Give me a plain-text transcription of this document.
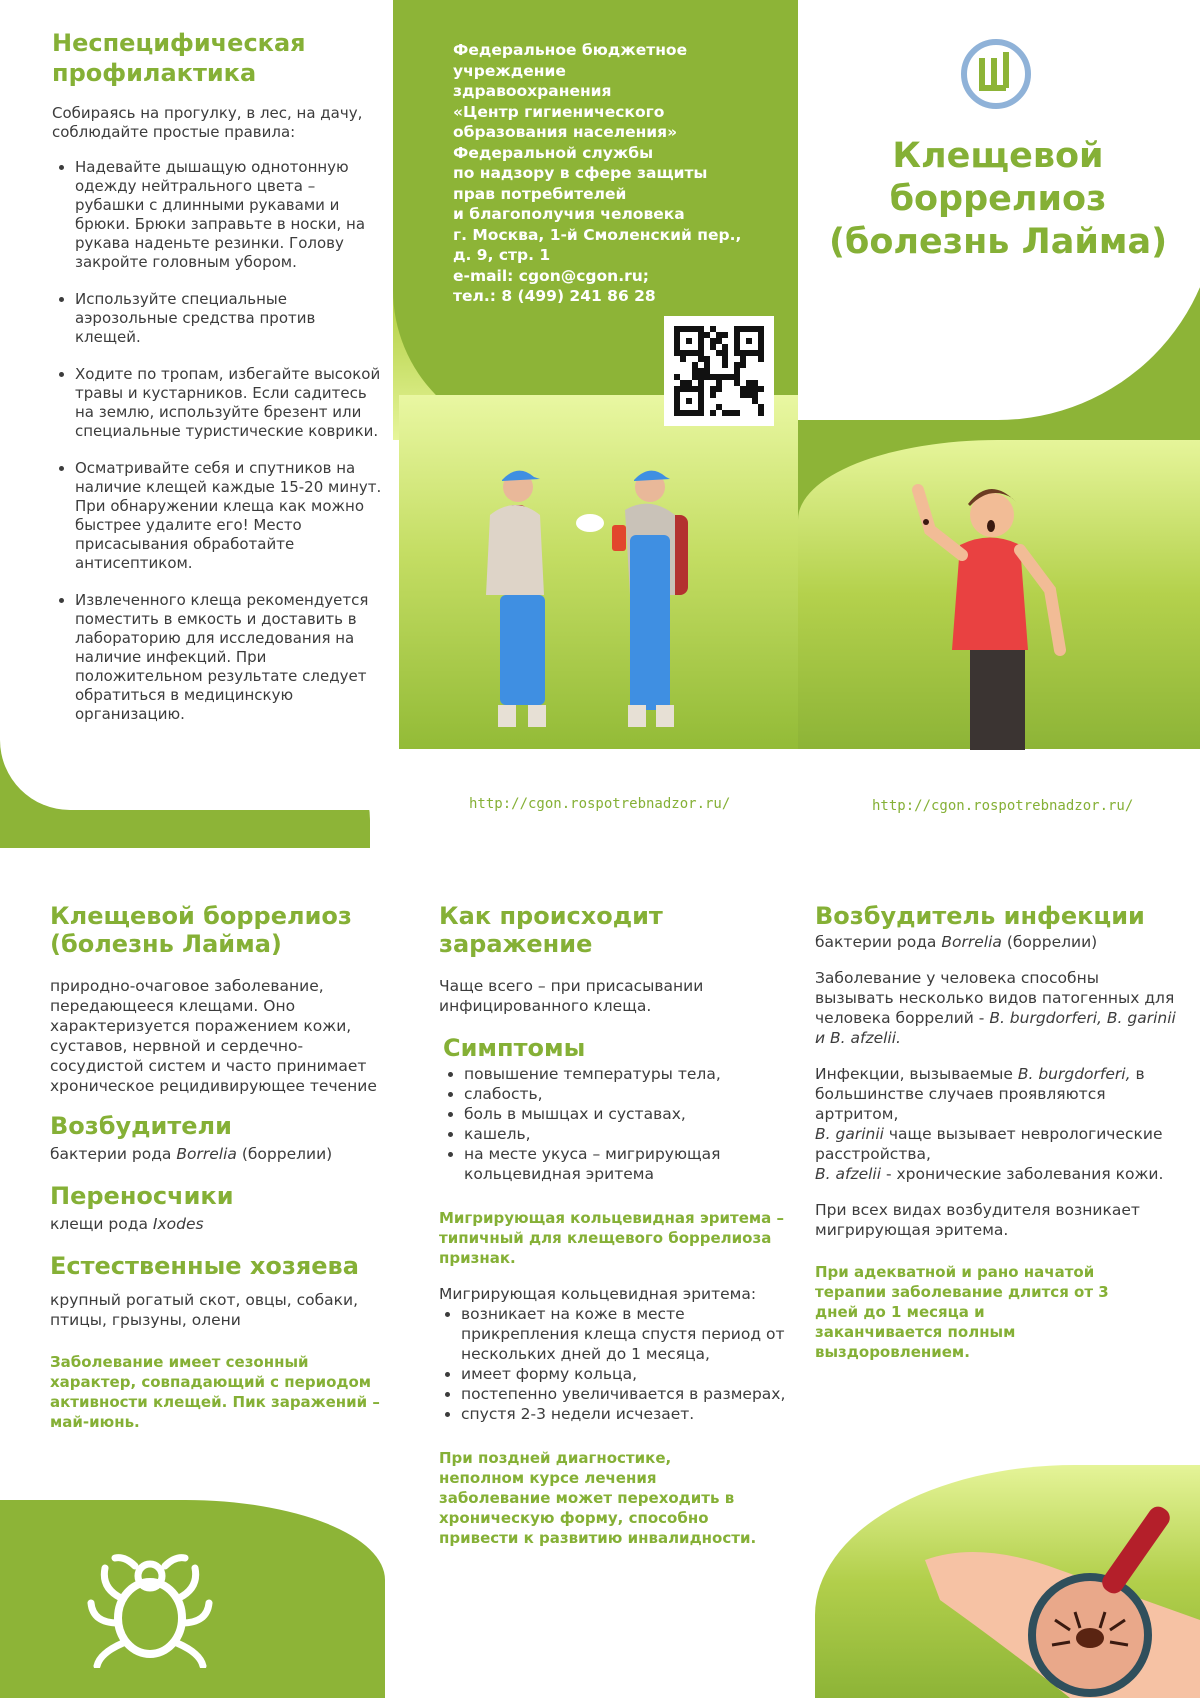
Неспецифическая профилактика

Собираясь на прогулку, в лес, на дачу, соблюдайте простые правила:

• Надевайте дышащую однотонную одежду нейтрального цвета – рубашки с длинными рукавами и брюки. Брюки заправьте в носки, на рукава наденьте резинки. Голову закройте головным убором.
• Используйте специальные аэрозольные средства против клещей.
• Ходите по тропам, избегайте высокой травы и кустарников. Если садитесь на землю, используйте брезент или специальные туристические коврики.
• Осматривайте себя и спутников на наличие клещей каждые 15-20 минут. При обнаружении клеща как можно быстрее удалите его! Место присасывания обработайте антисептиком.
• Извлеченного клеща рекомендуется поместить в емкость и доставить в лабораторию для исследования на наличие инфекций. При положительном результате следует обратиться в медицинскую организацию.
Федеральное бюджетное
учреждение
здравоохранения
«Центр гигиенического
образования населения»
Федеральной службы
по надзору в сфере защиты
прав потребителей
и благополучия человека
г. Москва, 1-й Смоленский пер.,
д. 9, стр. 1
e-mail: cgon@cgon.ru;
тел.: 8 (499) 241 86 28
Клещевой
боррелиоз
(болезнь Лайма)
http://cgon.rospotrebnadzor.ru/	http://cgon.rospotrebnadzor.ru/
Клещевой боррелиоз (болезнь Лайма)

природно-очаговое заболевание, передающееся клещами. Оно характеризуется поражением кожи, суставов, нервной и сердечно-сосудистой систем и часто принимает хроническое рецидивирующее течение

Возбудители

бактерии рода Borrelia (боррелии)

Переносчики

клещи рода Ixodes

Естественные хозяева

крупный рогатый скот, овцы, собаки, птицы, грызуны, олени

Заболевание имеет сезонный характер, совпадающий с периодом активности клещей. Пик заражений – май-июнь.

Как происходит заражение

Чаще всего – при присасывании инфицированного клеща.

Симптомы
• повышение температуры тела,
• слабость,
• боль в мышцах и суставах,
• кашель,
• на месте укуса – мигрирующая кольцевидная эритема

Мигрирующая кольцевидная эритема – типичный для клещевого боррелиоза признак.

Мигрирующая кольцевидная эритема:

• возникает на коже в месте прикрепления клеща спустя период от нескольких дней до 1 месяца,
• имеет форму кольца,
• постепенно увеличивается в размерах,
• спустя 2-3 недели исчезает.

При поздней диагностике, неполном курсе лечения заболевание может переходить в хроническую форму, способно привести к развитию инвалидности.

Возбудитель инфекции

бактерии рода Borrelia (боррелии)

Заболевание у человека способны вызывать несколько видов патогенных для человека боррелий - B. burgdorferi, B. garinii и B. afzelii.

Инфекции, вызываемые B. burgdorferi, в большинстве случаев проявляются артритом,
B. garinii чаще вызывает неврологические расстройства,
B. afzelii - хронические заболевания кожи.

При всех видах возбудителя возникает мигрирующая эритема.

При адекватной и рано начатой терапии заболевание длится от 3 дней до 1 месяца и заканчивается полным выздоровлением.
